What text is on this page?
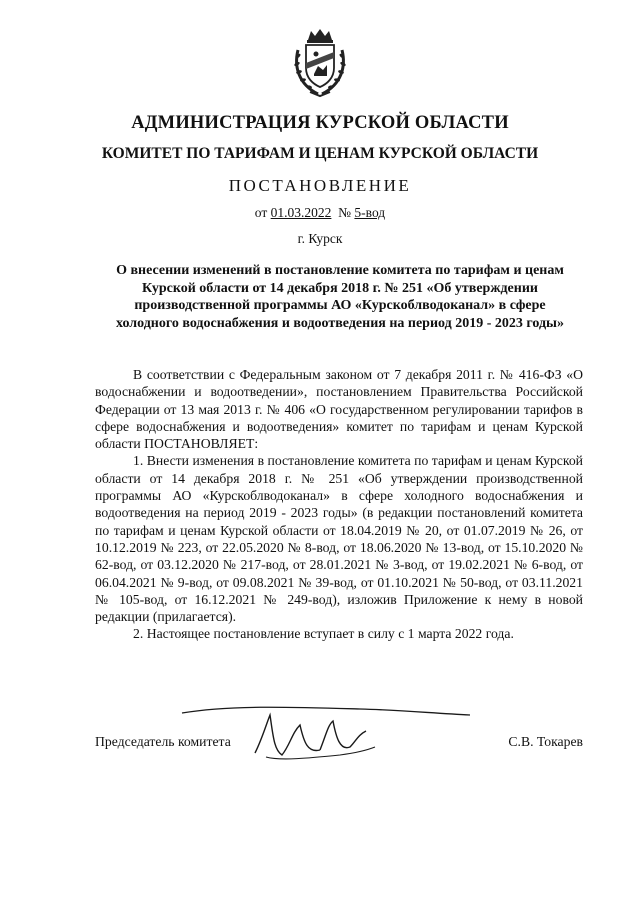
АДМИНИСТРАЦИЯ КУРСКОЙ ОБЛАСТИ
КОМИТЕТ ПО ТАРИФАМ И ЦЕНАМ КУРСКОЙ ОБЛАСТИ
ПОСТАНОВЛЕНИЕ
от 01.03.2022 № 5-вод
г. Курск
О внесении изменений в постановление комитета по тарифам и ценам
Курской области от 14 декабря 2018 г. № 251 «Об утверждении
производственной программы АО «Курскоблводоканал» в сфере
холодного водоснабжения и водоотведения на период 2019 - 2023 годы»

В соответствии с Федеральным законом от 7 декабря 2011 г. № 416-ФЗ «О водоснабжении и водоотведении», постановлением Правительства Российской Федерации от 13 мая 2013 г. № 406 «О государственном регулировании тарифов в сфере водоснабжения и водоотведения» комитет по тарифам и ценам Курской области ПОСТАНОВЛЯЕТ:

1. Внести изменения в постановление комитета по тарифам и ценам Курской области от 14 декабря 2018 г. № 251 «Об утверждении производственной программы АО «Курскоблводоканал» в сфере холодного водоснабжения и водоотведения на период 2019 - 2023 годы» (в редакции постановлений комитета по тарифам и ценам Курской области от 18.04.2019 № 20, от 01.07.2019 № 26, от 10.12.2019 № 223, от 22.05.2020 № 8-вод, от 18.06.2020 № 13-вод, от 15.10.2020 № 62-вод, от 03.12.2020 № 217-вод, от 28.01.2021 № 3-вод, от 19.02.2021 № 6-вод, от 06.04.2021 № 9-вод, от 09.08.2021 № 39-вод, от 01.10.2021 № 50-вод, от 03.11.2021 № 105-вод, от 16.12.2021 № 249-вод), изложив Приложение к нему в новой редакции (прилагается).

2. Настоящее постановление вступает в силу с 1 марта 2022 года.

Председатель комитета	С.В. Токарев
